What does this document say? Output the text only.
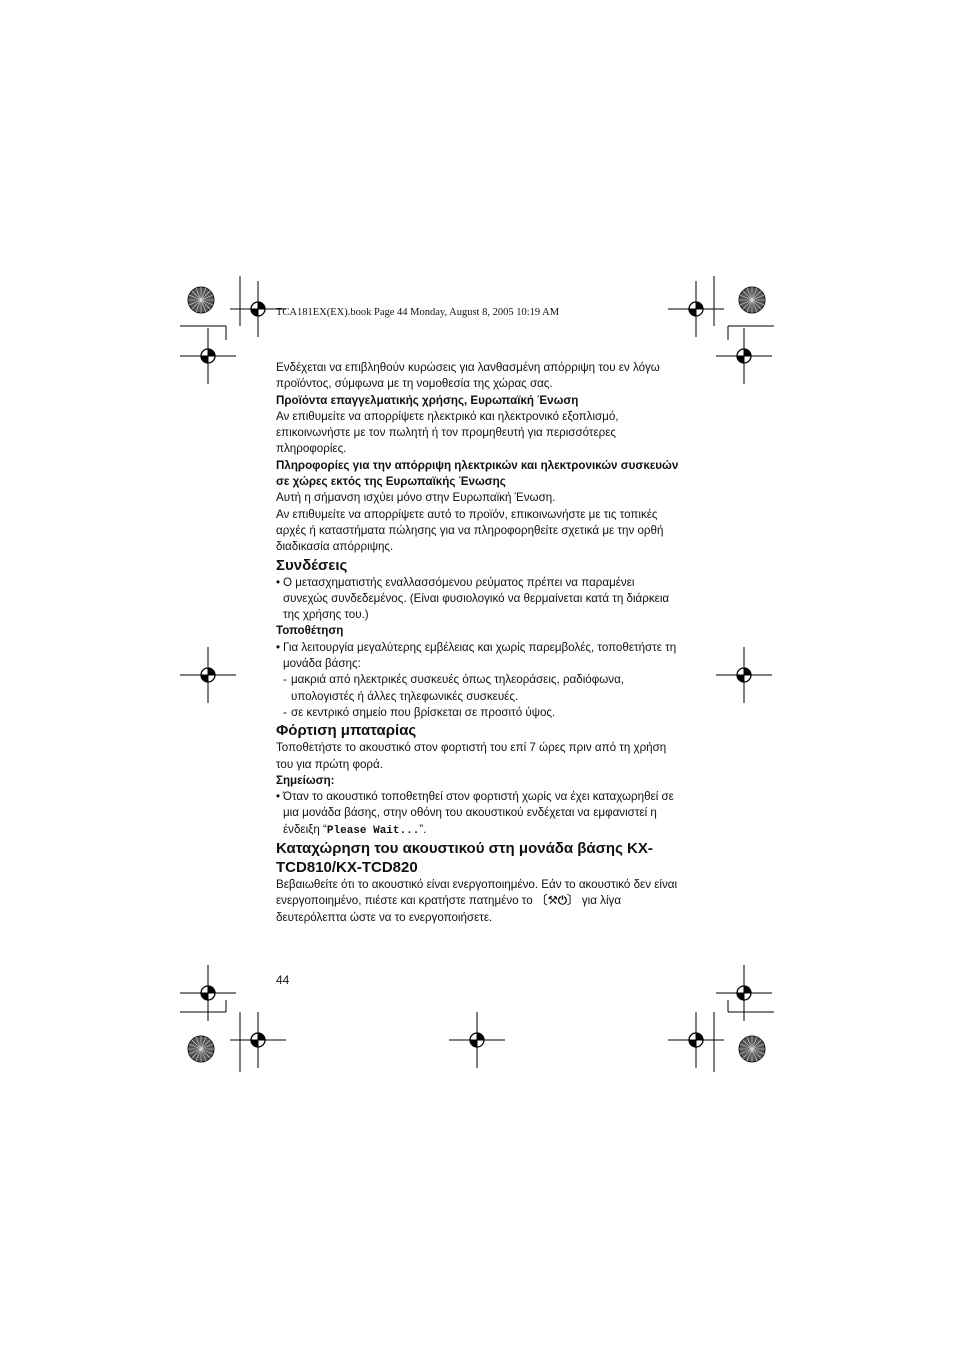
TCA181EX(EX).book Page 44 Monday, August 8, 2005 10:19 AM

Ενδέχεται να επιβληθούν κυρώσεις για λανθασμένη απόρριψη του εν λόγω προϊόντος, σύμφωνα με τη νομοθεσία της χώρας σας.

Προϊόντα επαγγελματικής χρήσης, Ευρωπαϊκή Ένωση

Αν επιθυμείτε να απορρίψετε ηλεκτρικό και ηλεκτρονικό εξοπλισμό, επικοινωνήστε με τον πωλητή ή τον προμηθευτή για περισσότερες πληροφορίες.

Πληροφορίες για την απόρριψη ηλεκτρικών και ηλεκτρονικών συσκευών σε χώρες εκτός της Ευρωπαϊκής Ένωσης

Αυτή η σήμανση ισχύει μόνο στην Ευρωπαϊκή Ένωση.

Αν επιθυμείτε να απορρίψετε αυτό το προϊόν, επικοινωνήστε με τις τοπικές αρχές ή καταστήματα πώλησης για να πληροφορηθείτε σχετικά με την ορθή διαδικασία απόρριψης.

Συνδέσεις

• Ο μετασχηματιστής εναλλασσόμενου ρεύματος πρέπει να παραμένει συνεχώς συνδεδεμένος. (Είναι φυσιολογικό να θερμαίνεται κατά τη διάρκεια της χρήσης του.)

Τοποθέτηση

• Για λειτουργία μεγαλύτερης εμβέλειας και χωρίς παρεμβολές, τοποθετήστε τη μονάδα βάσης:

- μακριά από ηλεκτρικές συσκευές όπως τηλεοράσεις, ραδιόφωνα, υπολογιστές ή άλλες τηλεφωνικές συσκευές.

- σε κεντρικό σημείο που βρίσκεται σε προσιτό ύψος.

Φόρτιση μπαταρίας

Τοποθετήστε το ακουστικό στον φορτιστή του επί 7 ώρες πριν από τη χρήση του για πρώτη φορά.

Σημείωση:

• Όταν το ακουστικό τοποθετηθεί στον φορτιστή χωρίς να έχει καταχωρηθεί σε μια μονάδα βάσης, στην οθόνη του ακουστικού ενδέχεται να εμφανιστεί η ένδειξη “Please Wait...”.

Καταχώρηση του ακουστικού στη μονάδα βάσης KX-TCD810/KX-TCD820

Βεβαιωθείτε ότι το ακουστικό είναι ενεργοποιημένο. Εάν το ακουστικό δεν είναι ενεργοποιημένο, πιέστε και κρατήστε πατημένο το 〔⚒⏻〕 για λίγα δευτερόλεπτα ώστε να το ενεργοποιήσετε.

44
